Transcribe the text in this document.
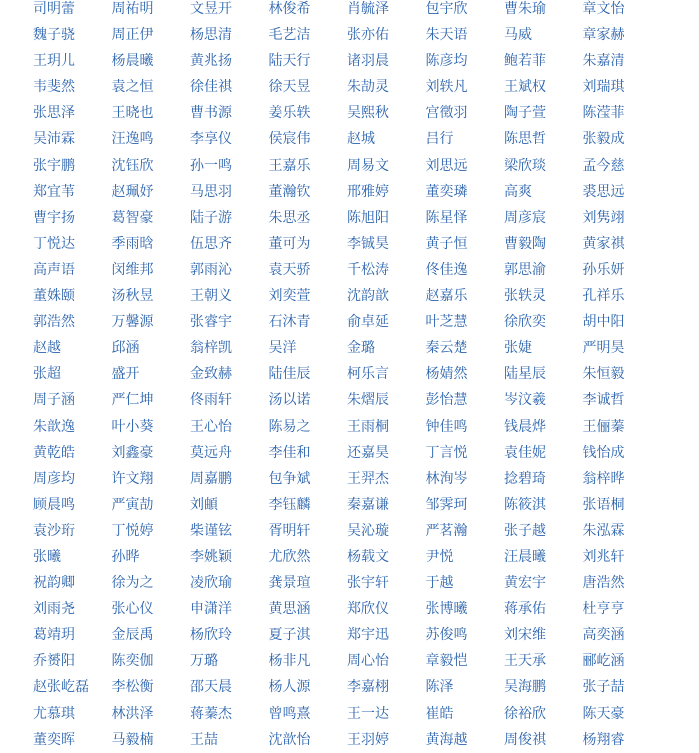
司明蕾	周祐明	文昱开	林俊希	肖毓泽	包宇欣	曹朱瑜	章文怡
魏子骁	周正伊	杨思清	毛艺洁	张亦佑	朱天语	马威	章家赫
王玥儿	杨晨曦	黄兆扬	陆天行	诸羽晨	陈彦均	鲍若菲	朱嘉清
韦斐然	袁之恒	徐佳祺	徐天昱	朱劼灵	刘轶凡	王斌权	刘瑞琪
张思泽	王晓也	曹书源	姜乐轶	吴熙秋	宫徵羽	陶子萱	陈滢菲
吴沛霖	汪逸鸣	李享仪	侯宸伟	赵城	吕行	陈思哲	张毅成
张宇鹏	沈钰欣	孙一鸣	王嘉乐	周易文	刘思远	梁欣琰	孟今慈
郑宜苇	赵珮妤	马思羽	董瀚钦	邢雅婷	董奕璘	高爽	裘思远
曹宇扬	葛智豪	陆子游	朱思丞	陈旭阳	陈星怿	周彦宸	刘隽翊
丁悦达	季雨晗	伍思齐	董可为	李铖昊	黄子恒	曹毅陶	黄家祺
高声语	闵维邦	郭雨沁	袁天骄	千松涛	佟佳逸	郭思渝	孙乐妍
董姝颐	汤秋昱	王朝义	刘奕萱	沈韵歆	赵嘉乐	张轶灵	孔祥乐
郭浩然	万馨源	张睿宇	石沐青	俞卓延	叶芝慧	徐欣奕	胡中阳
赵越	邱涵	翁梓凯	吴洋	金璐	秦云楚	张婕	严明昊
张超	盛开	金致赫	陆佳辰	柯乐言	杨婧然	陆星辰	朱恒毅
周子涵	严仁坤	佟雨轩	汤以诺	朱熠辰	彭怡慧	岑汶羲	李诚哲
朱歆逸	叶小葵	王心怡	陈易之	王雨桐	钟佳鸣	钱晨烨	王俪蓁
黄乾皓	刘鑫豪	莫远舟	李佳和	还嘉昊	丁言悦	袁佳妮	钱怡成
周彦均	许文翔	周嘉鹏	包争斌	王羿杰	林洵岑	捻碧琦	翁梓晔
顾晨鸣	严寅劼	刘頔	李钰麟	秦嘉谦	邹霁珂	陈筱淇	张语桐
袁沙珩	丁悦婷	柴谨铉	胥明轩	吴沁璇	严茗瀚	张子越	朱泓霖
张曦	孙晔	李姚颖	尤欣然	杨载文	尹悦	汪晨曦	刘兆轩
祝韵卿	徐为之	凌欣瑜	龚景瑄	张宇轩	于越	黄宏宇	唐浩然
刘雨尧	张心仪	申潇洋	黄思涵	郑欣仪	张博曦	蒋承佑	杜亨亨
葛靖玥	金辰禹	杨欣玲	夏子淇	郑宇迅	苏俊鸣	刘宋维	高奕涵
乔赟阳	陈奕伽	万璐	杨非凡	周心怡	章毅恺	王天承	郦屹涵
赵张屹磊	李松衡	邵天晨	杨人源	李嘉栩	陈泽	吴海鹏	张子喆
尤慕琪	林洪泽	蒋蓁杰	曾鸣熹	王一达	崔皓	徐裕欣	陈天豪
董奕晖	马毅楠	王喆	沈歆怡	王羽婷	黄海越	周俊祺	杨翔睿
